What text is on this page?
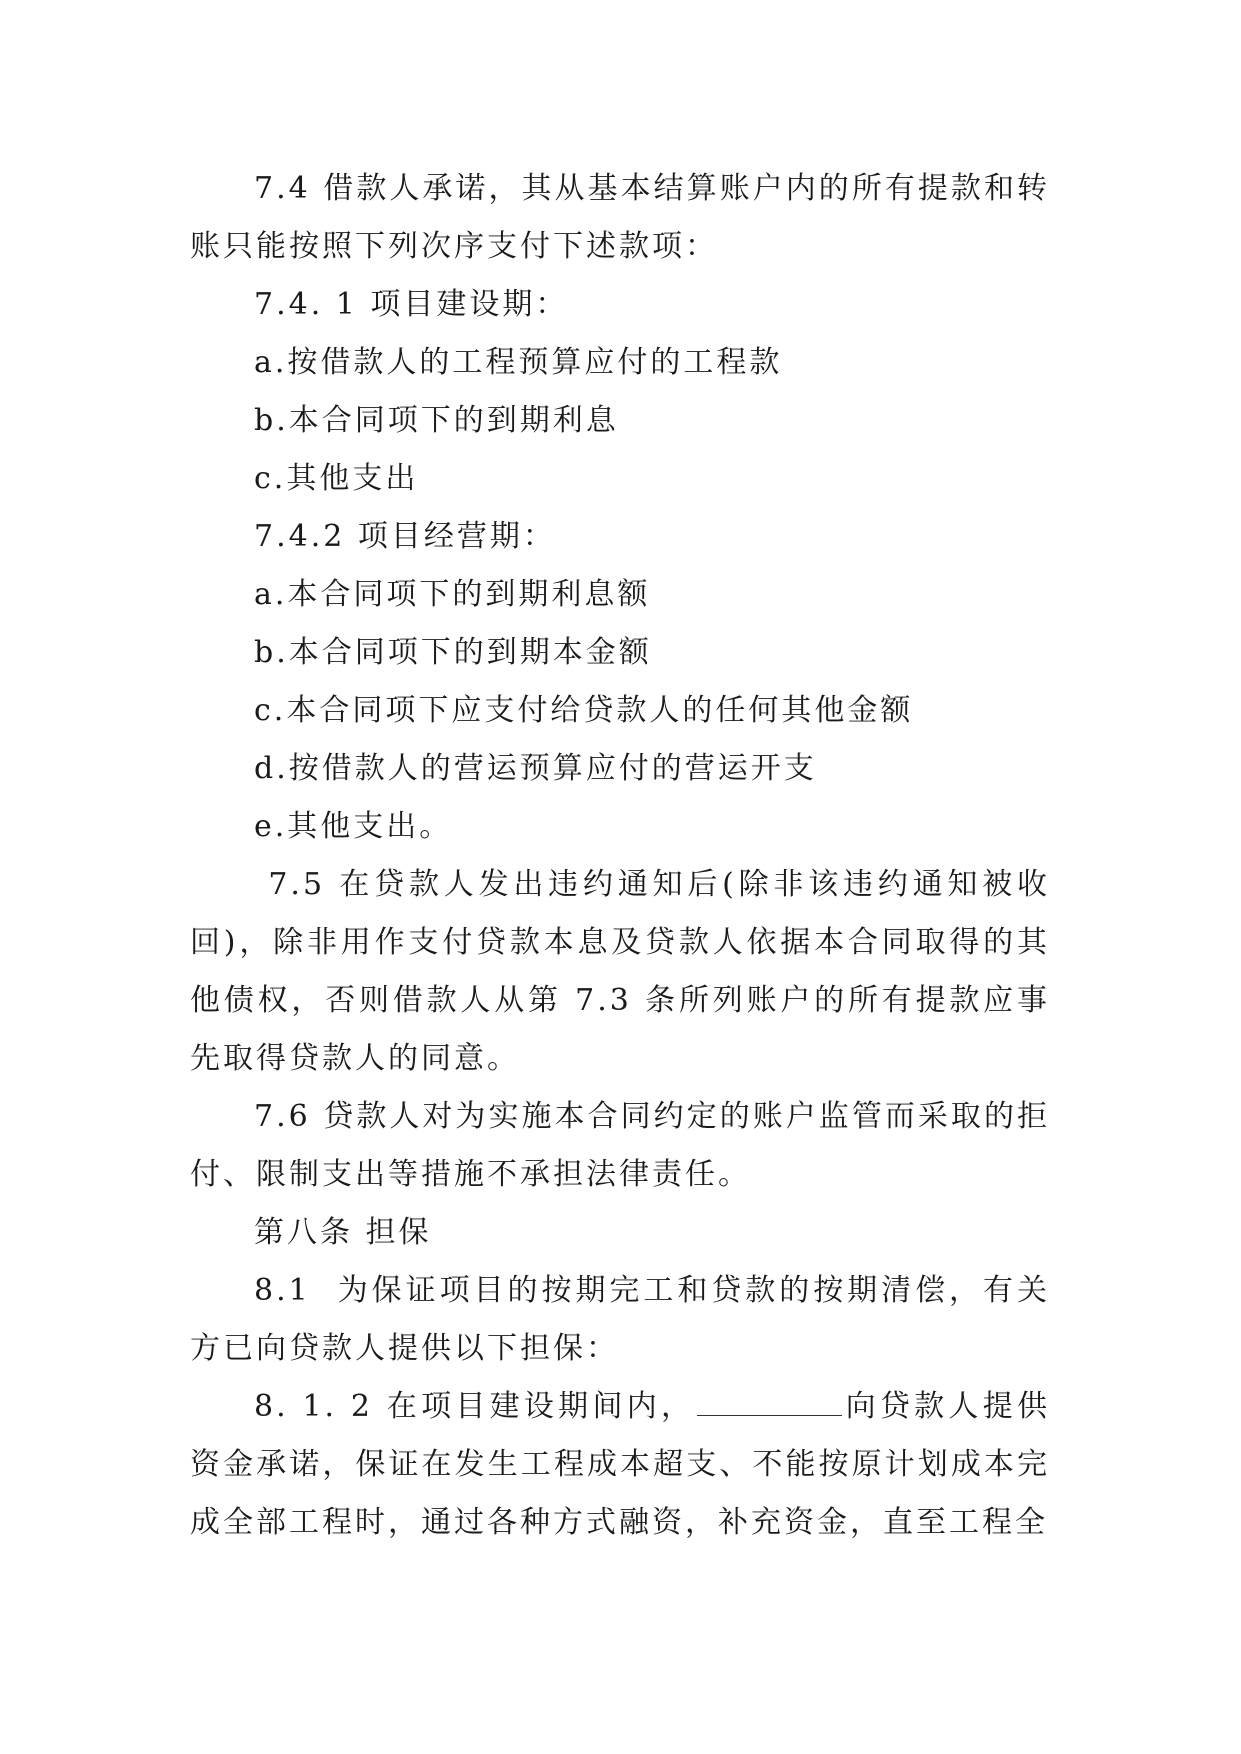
7.4 借款人承诺，其从基本结算账户内的所有提款和转账只能按照下列次序支付下述款项：

7.4. 1 项目建设期：

a.按借款人的工程预算应付的工程款

b.本合同项下的到期利息

c.其他支出

7.4.2 项目经营期：

a.本合同项下的到期利息额

b.本合同项下的到期本金额

c.本合同项下应支付给贷款人的任何其他金额

d.按借款人的营运预算应付的营运开支

e.其他支出。

7.5 在贷款人发出违约通知后(除非该违约通知被收回)，除非用作支付贷款本息及贷款人依据本合同取得的其他债权，否则借款人从第 7.3 条所列账户的所有提款应事先取得贷款人的同意。

7.6 贷款人对为实施本合同约定的账户监管而采取的拒付、限制支出等措施不承担法律责任。

第八条 担保

8.1  为保证项目的按期完工和贷款的按期清偿，有关方已向贷款人提供以下担保：

8. 1. 2 在项目建设期间内，	向贷款人提供资金承诺，保证在发生工程成本超支、不能按原计划成本完成全部工程时，通过各种方式融资，补充资金，直至工程全
